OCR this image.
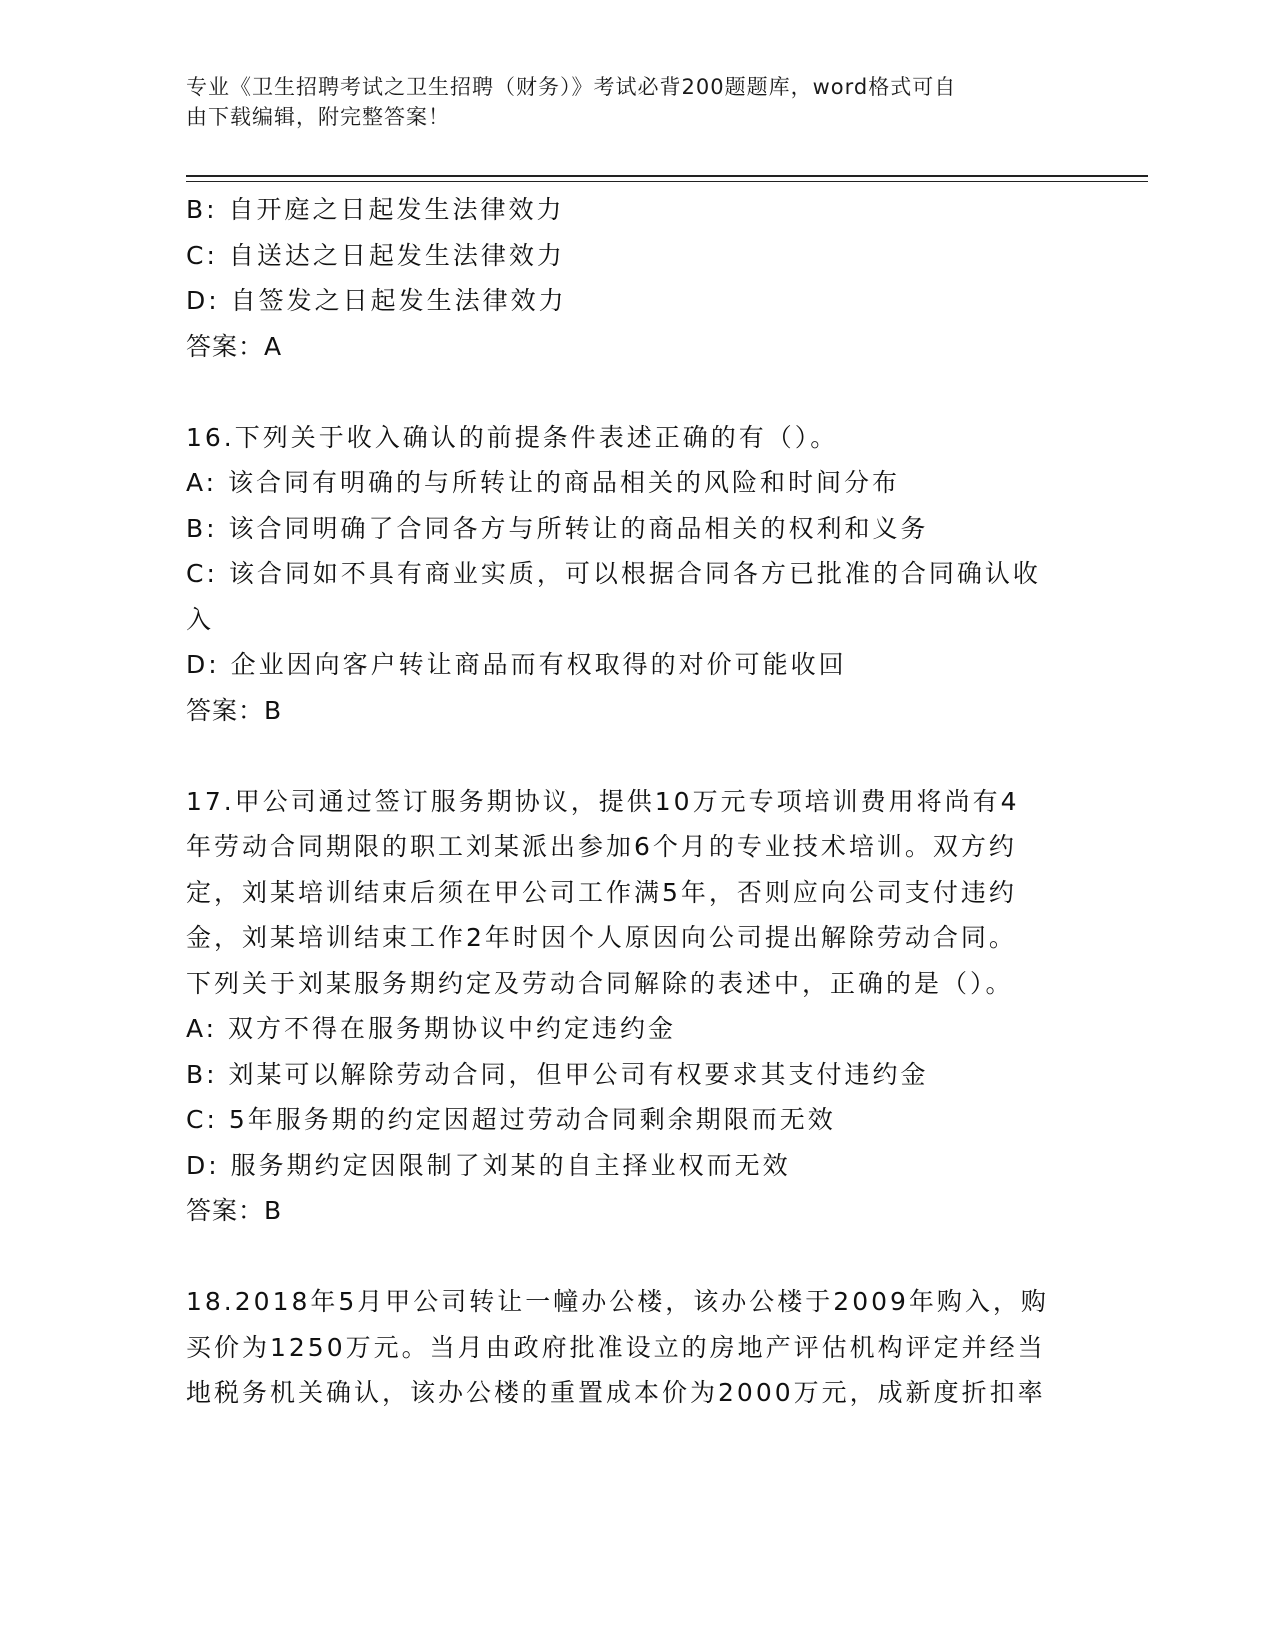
专业《卫生招聘考试之卫生招聘（财务）》考试必背200题题库，word格式可自
由下载编辑，附完整答案！
B: 自开庭之日起发生法律效力
C: 自送达之日起发生法律效力
D: 自签发之日起发生法律效力
答案：A
16.下列关于收入确认的前提条件表述正确的有（）。
A: 该合同有明确的与所转让的商品相关的风险和时间分布
B: 该合同明确了合同各方与所转让的商品相关的权利和义务
C: 该合同如不具有商业实质，可以根据合同各方已批准的合同确认收
入
D: 企业因向客户转让商品而有权取得的对价可能收回
答案：B
17.甲公司通过签订服务期协议，提供10万元专项培训费用将尚有4
年劳动合同期限的职工刘某派出参加6个月的专业技术培训。双方约
定，刘某培训结束后须在甲公司工作满5年，否则应向公司支付违约
金，刘某培训结束工作2年时因个人原因向公司提出解除劳动合同。
下列关于刘某服务期约定及劳动合同解除的表述中，正确的是（）。
A: 双方不得在服务期协议中约定违约金
B: 刘某可以解除劳动合同，但甲公司有权要求其支付违约金
C: 5年服务期的约定因超过劳动合同剩余期限而无效
D: 服务期约定因限制了刘某的自主择业权而无效
答案：B
18.2018年5月甲公司转让一幢办公楼，该办公楼于2009年购入，购
买价为1250万元。当月由政府批准设立的房地产评估机构评定并经当
地税务机关确认，该办公楼的重置成本价为2000万元，成新度折扣率
